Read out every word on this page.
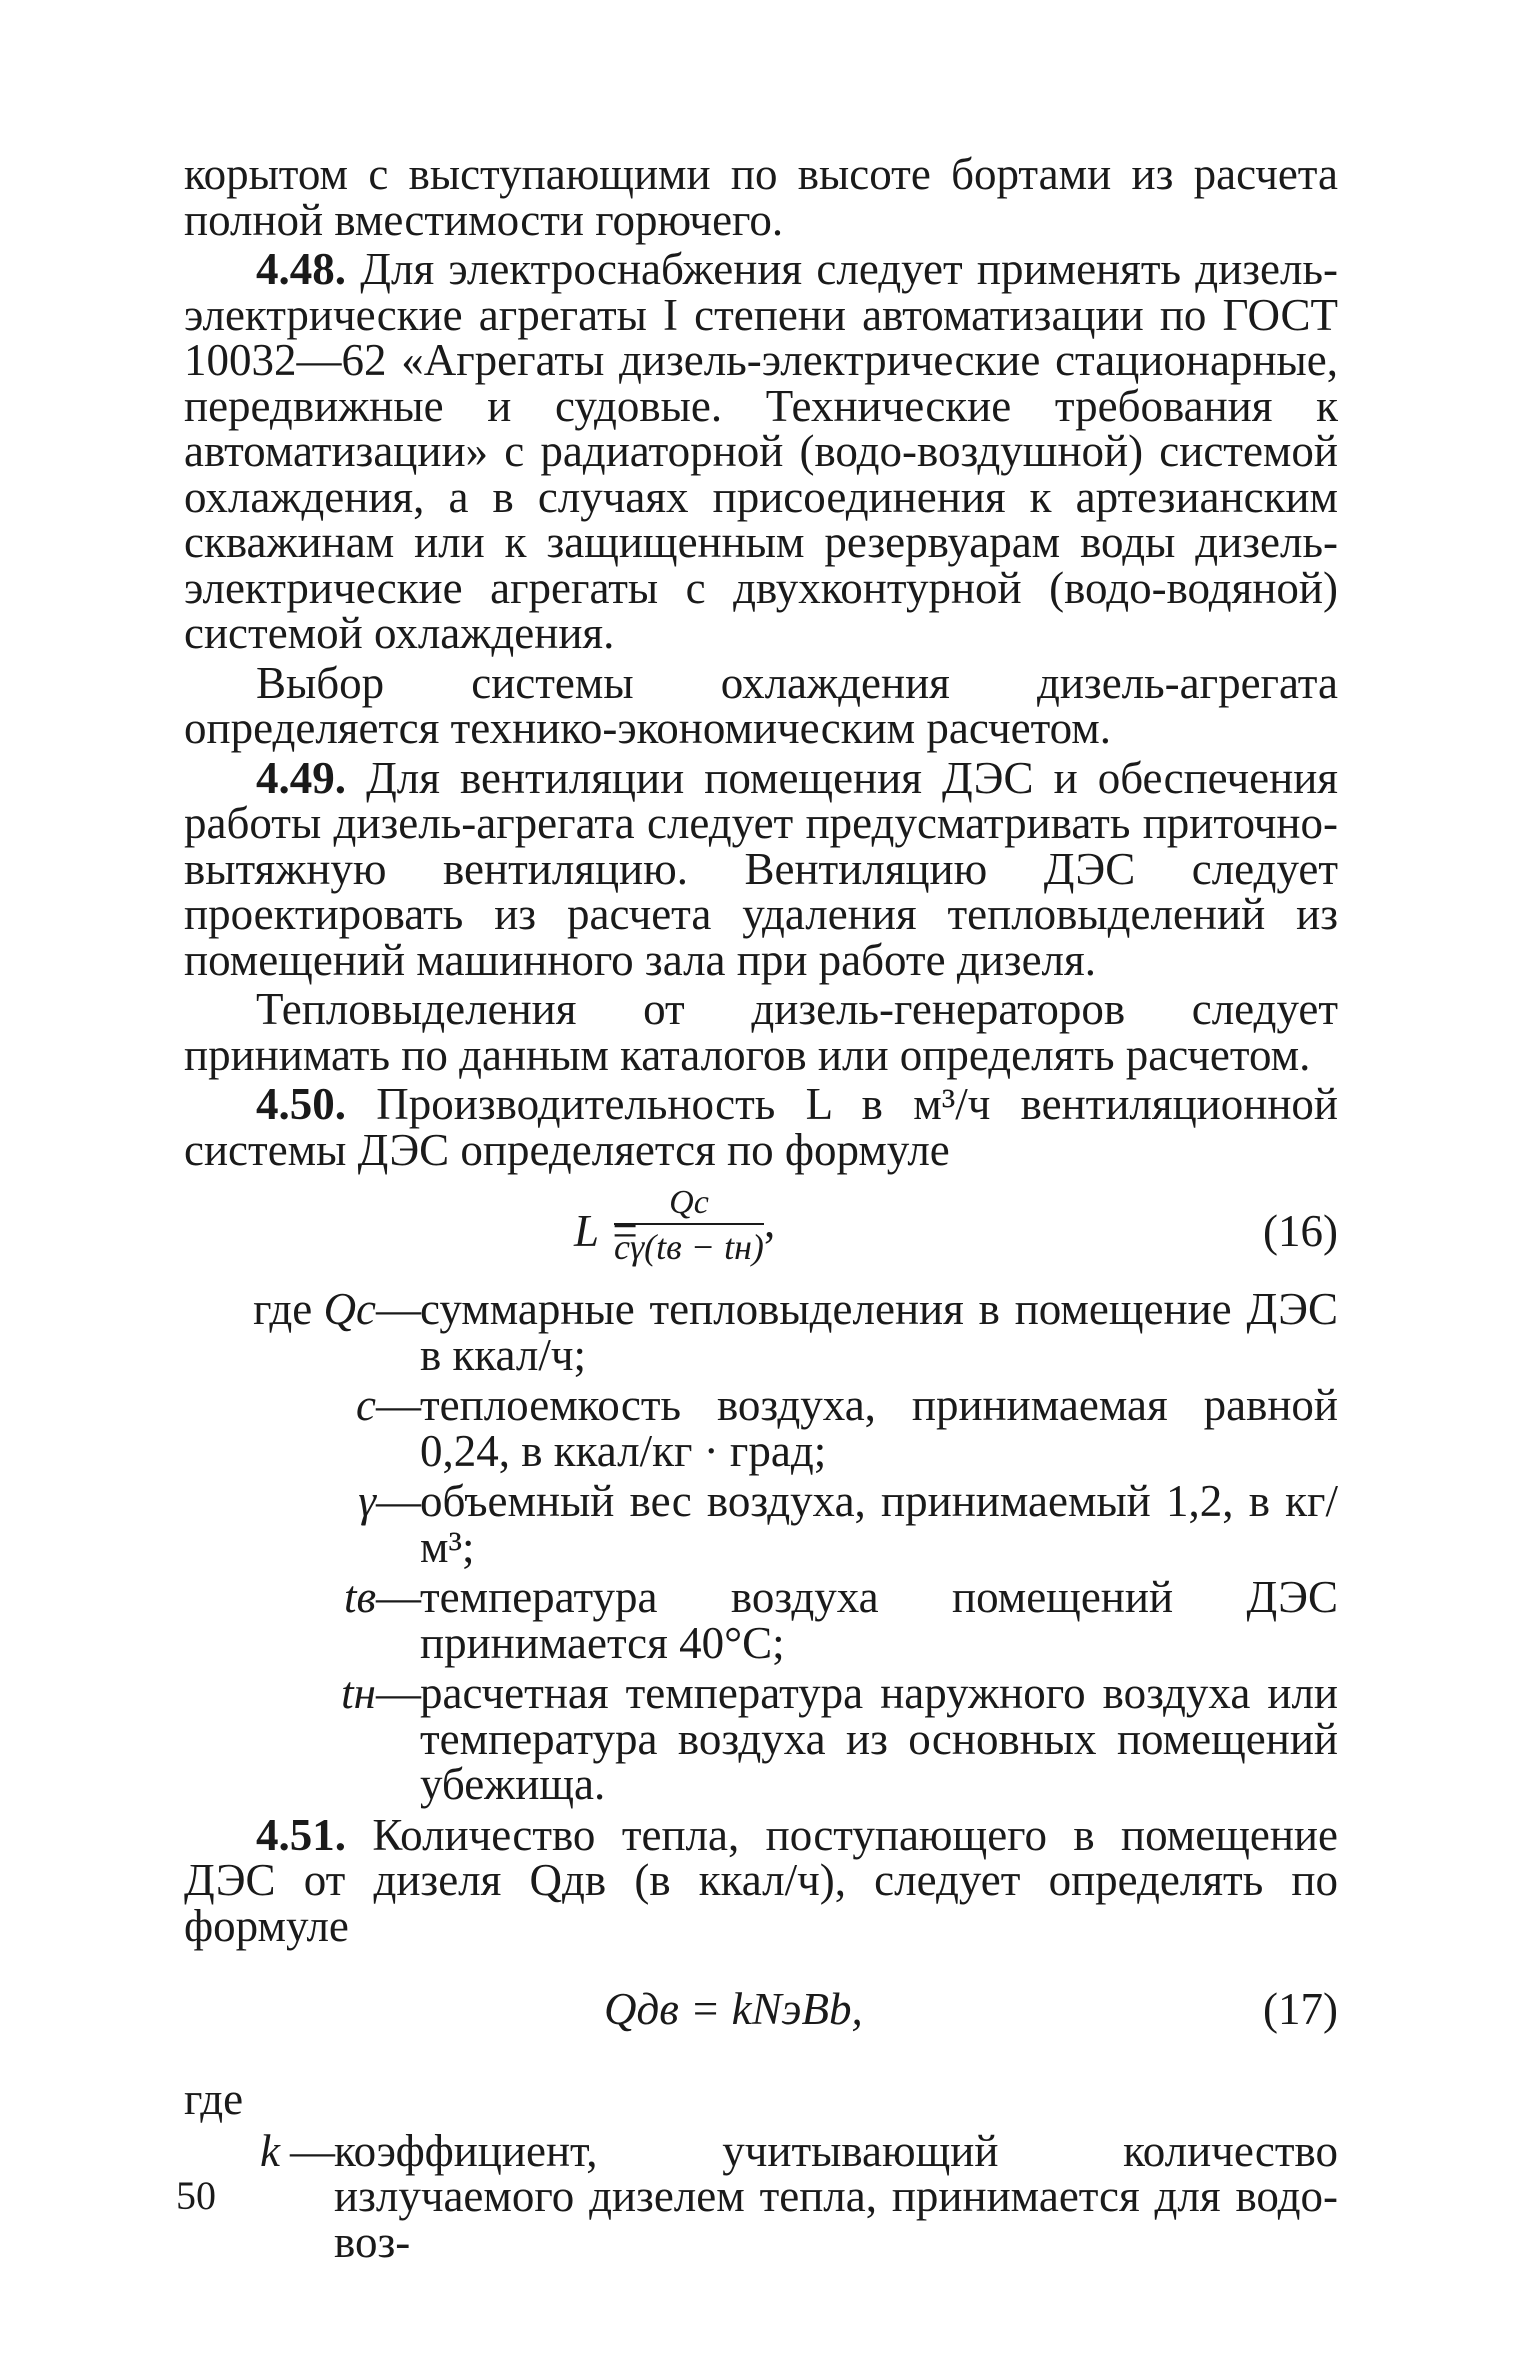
корытом с выступающими по высоте бортами из расчета полной вместимости горючего.

4.48. Для электроснабжения следует применять дизель-электрические агрегаты I степени автоматизации по ГОСТ 10032—62 «Агрегаты дизель-электрические стационарные, передвижные и судовые. Технические требования к автоматизации» с радиаторной (водо-воздушной) системой охлаждения, а в случаях присоединения к артезианским скважинам или к защищенным резервуарам воды дизель-электрические агрегаты с двухконтурной (водо-водяной) системой охлаждения.

Выбор системы охлаждения дизель-агрегата определяется технико-экономическим расчетом.

4.49. Для вентиляции помещения ДЭС и обеспечения работы дизель-агрегата следует предусматривать приточно-вытяжную вентиляцию. Вентиляцию ДЭС следует проектировать из расчета удаления тепловыделений из помещений машинного зала при работе дизеля.

Тепловыделения от дизель-генераторов следует принимать по данным каталогов или определять расчетом.

4.50. Производительность L в м³/ч вентиляционной системы ДЭС определяется по формуле

L =
$\frac{Qс}{c\gamma(tв - tн)}$ ,	(16)
где Qс — суммарные тепловыделения в помещение ДЭС в ккал/ч;
c — теплоемкость воздуха, принимаемая равной 0,24, в ккал/кг · град;
γ — объемный вес воздуха, принимаемый 1,2, в кг/м³;
tв — температура воздуха помещений ДЭС принимается 40°С;
tн — расчетная температура наружного воздуха или температура воздуха из основных помещений убежища.

4.51. Количество тепла, поступающего в помещение ДЭС от дизеля Qдв (в ккал/ч), следует определять по формуле

Qдв = kNэBb,	(17)
где
k — коэффициент, учитывающий количество излучаемого дизелем тепла, принимается для водо-воз-
50
